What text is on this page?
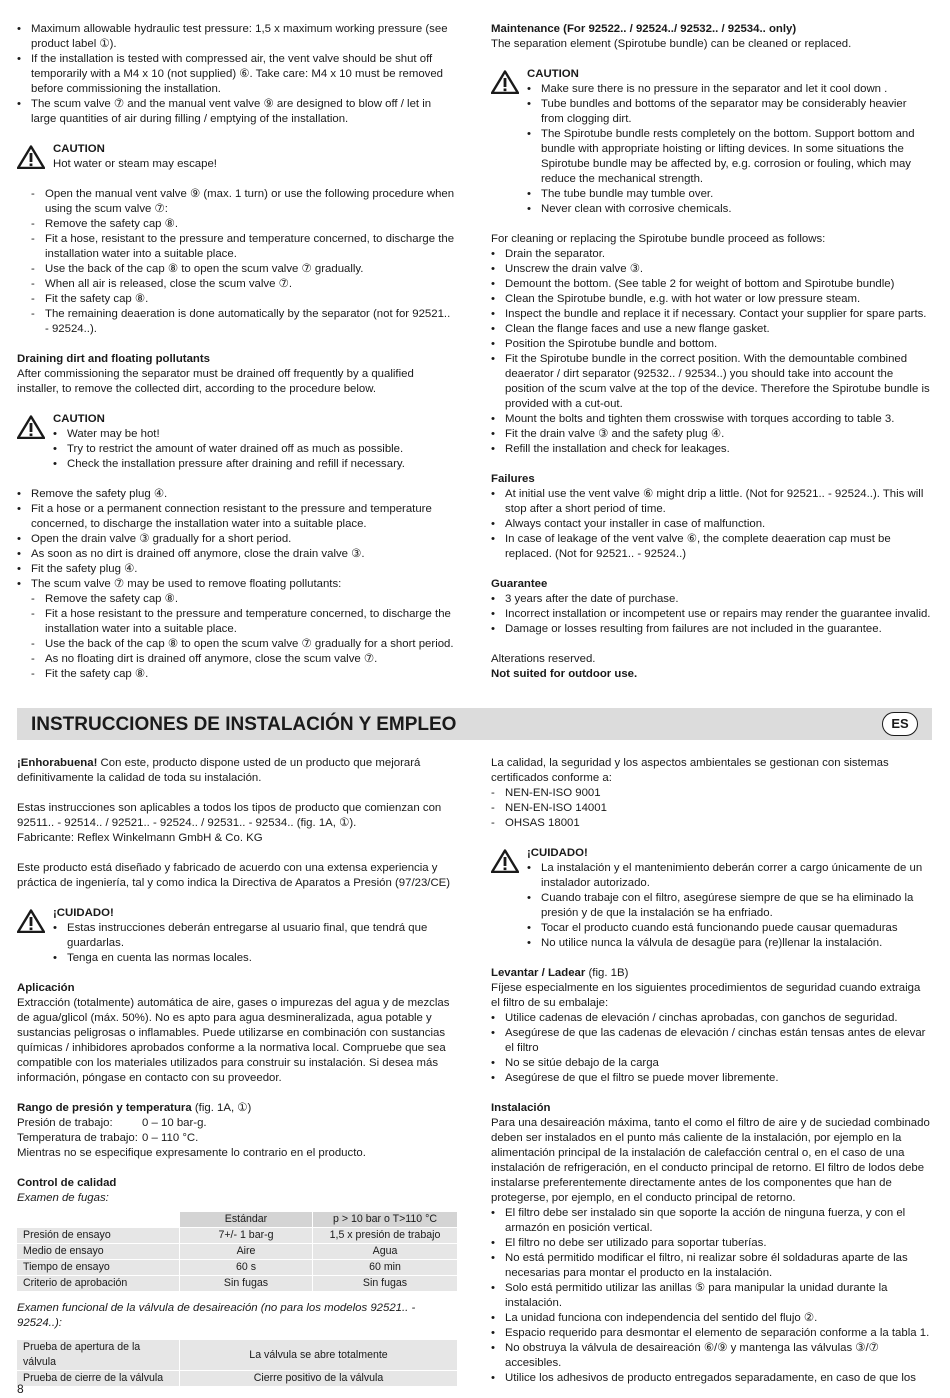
• Maximum allowable hydraulic test pressure: 1,5 x maximum working pressure (see product label ①).
• If the installation is tested with compressed air, the vent valve should be shut off temporarily with a M4 x 10 (not supplied) ⑥. Take care: M4 x 10 must be removed before commissioning the installation.
• The scum valve ⑦ and the manual vent valve ⑨ are designed to blow off / let in large quantities of air during filling / emptying of the installation.

CAUTION

Hot water or steam may escape!

- Open the manual vent valve ⑨ (max. 1 turn) or use the following procedure when using the scum valve ⑦:
- Remove the safety cap ⑧.
- Fit a hose, resistant to the pressure and temperature concerned, to discharge the installation water into a suitable place.
- Use the back of the cap ⑧ to open the scum valve ⑦ gradually.
- When all air is released, close the scum valve ⑦.
- Fit the safety cap ⑧.
- The remaining deaeration is done automatically by the separator (not for 92521.. - 92524..).

Draining dirt and floating pollutants

After commissioning the separator must be drained off frequently by a qualified installer, to remove the collected dirt, according to the procedure below.

CAUTION

• Water may be hot!
• Try to restrict the amount of water drained off as much as possible.
• Check the installation pressure after draining and refill if necessary.
• Remove the safety plug ④.
• Fit a hose or a permanent connection resistant to the pressure and temperature concerned, to discharge the installation water into a suitable place.
• Open the drain valve ③ gradually for a short period.
• As soon as no dirt is drained off anymore, close the drain valve ③.
• Fit the safety plug ④.
• The scum valve ⑦ may be used to remove floating pollutants:
- Remove the safety cap ⑧.
- Fit a hose resistant to the pressure and temperature concerned, to discharge the installation water into a suitable place.
- Use the back of the cap ⑧ to open the scum valve ⑦ gradually for a short period.
- As no floating dirt is drained off anymore, close the scum valve ⑦.
- Fit the safety cap ⑧.

Maintenance (For 92522.. / 92524../ 92532.. / 92534.. only)

The separation element (Spirotube bundle) can be cleaned or replaced.

CAUTION

• Make sure there is no pressure in the separator and let it cool down .
• Tube bundles and bottoms of the separator may be considerably heavier from clogging dirt.
• The Spirotube bundle rests completely on the bottom. Support bottom and bundle with appropriate hoisting or lifting devices. In some situations the Spirotube bundle may be affected by, e.g. corrosion or fouling, which may reduce the mechanical strength.
• The tube bundle may tumble over.
• Never clean with corrosive chemicals.

For cleaning or replacing the Spirotube bundle proceed as follows:

• Drain the separator.
• Unscrew the drain valve ③.
• Demount the bottom. (See table 2 for weight of bottom and Spirotube bundle)
• Clean the Spirotube bundle, e.g. with hot water or low pressure steam.
• Inspect the bundle and replace it if necessary. Contact your supplier for spare parts.
• Clean the flange faces and use a new flange gasket.
• Position the Spirotube bundle and bottom.
• Fit the Spirotube bundle in the correct position. With the demountable combined deaerator / dirt separator (92532.. / 92534..) you should take into account the position of the scum valve at the top of the device. Therefore the Spirotube bundle is provided with a cut-out.
• Mount the bolts and tighten them crosswise with torques according to table 3.
• Fit the drain valve ③ and the safety plug ④.
• Refill the installation and check for leakages.

Failures

• At initial use the vent valve ⑥ might drip a little. (Not for 92521.. - 92524..). This will stop after a short period of time.
• Always contact your installer in case of malfunction.
• In case of leakage of the vent valve ⑥, the complete deaeration cap must be replaced. (Not for 92521.. - 92524..)

Guarantee

• 3 years after the date of purchase.
• Incorrect installation or incompetent use or repairs may render the guarantee invalid.
• Damage or losses resulting from failures are not included in the guarantee.

Alterations reserved.

Not suited for outdoor use.

INSTRUCCIONES DE INSTALACIÓN Y EMPLEO	ES

¡Enhorabuena! Con este, producto dispone usted de un producto que mejorará definitivamente la calidad de toda su instalación.

Estas instrucciones son aplicables a todos los tipos de producto que comienzan con 92511.. - 92514.. / 92521.. - 92524.. / 92531.. - 92534.. (fig. 1A, ①).

Fabricante: Reflex Winkelmann GmbH & Co. KG

Este producto está diseñado y fabricado de acuerdo con una extensa experiencia y práctica de ingeniería, tal y como indica la Directiva de Aparatos a Presión (97/23/CE)

¡CUIDADO!

• Estas instrucciones deberán entregarse al usuario final, que tendrá que guardarlas.
• Tenga en cuenta las normas locales.

Aplicación

Extracción (totalmente) automática de aire, gases o impurezas del agua y de mezclas de agua/glicol (máx. 50%). No es apto para agua desmineralizada, agua potable y sustancias peligrosas o inflamables. Puede utilizarse en combinación con sustancias químicas / inhibidores aprobados conforme a la normativa local. Compruebe que sea compatible con los materiales utilizados para construir su instalación. Si desea más información, póngase en contacto con su proveedor.

Rango de presión y temperatura (fig. 1A, ①)

Presión de trabajo:	0 – 10 bar-g.

Temperatura de trabajo: 0 – 110 °C.

Mientras no se especifique expresamente lo contrario en el producto.

Control de calidad

Examen de fugas:

	Estándar	p > 10 bar o T>110 °C
Presión de ensayo	7+/- 1 bar-g	1,5 x presión de trabajo
Medio de ensayo	Aire	Agua
Tiempo de ensayo	60 s	60 min
Criterio de aprobación	Sin fugas	Sin fugas

Examen funcional de la válvula de desaireación (no para los modelos 92521.. - 92524..):

Prueba de apertura de la válvula	La válvula se abre totalmente
Prueba de cierre de la válvula	Cierre positivo de la válvula

La calidad, la seguridad y los aspectos ambientales se gestionan con sistemas certificados conforme a:

- NEN-EN-ISO 9001
- NEN-EN-ISO 14001
- OHSAS 18001

¡CUIDADO!

• La instalación y el mantenimiento deberán correr a cargo únicamente de un instalador autorizado.
• Cuando trabaje con el filtro, asegúrese siempre de que se ha eliminado la presión y de que la instalación se ha enfriado.
• Tocar el producto cuando está funcionando puede causar quemaduras
• No utilice nunca la válvula de desagüe para (re)llenar la instalación.

Levantar / Ladear (fig. 1B)

Fíjese especialmente en los siguientes procedimientos de seguridad cuando extraiga el filtro de su embalaje:

• Utilice cadenas de elevación / cinchas aprobadas, con ganchos de seguridad.
• Asegúrese de que las cadenas de elevación / cinchas están tensas antes de elevar el filtro
• No se sitúe debajo de la carga
• Asegúrese de que el filtro se puede mover libremente.

Instalación

Para una desaireación máxima, tanto el como el filtro de aire y de suciedad combinado deben ser instalados en el punto más caliente de la instalación, por ejemplo en la alimentación principal de la instalación de calefacción central o, en el caso de una instalación de refrigeración, en el conducto principal de retorno. El filtro de lodos debe instalarse preferentemente directamente antes de los componentes que han de protegerse, por ejemplo, en el conducto principal de retorno.

• El filtro debe ser instalado sin que soporte la acción de ninguna fuerza, y con el armazón en posición vertical.
• El filtro no debe ser utilizado para soportar tuberías.
• No está permitido modificar el filtro, ni realizar sobre él soldaduras aparte de las necesarias para montar el producto en la instalación.
• Solo está permitido utilizar las anillas ⑤ para manipular la unidad durante la instalación.
• La unidad funciona con independencia del sentido del flujo ②.
• Espacio requerido para desmontar el elemento de separación conforme a la tabla 1.
• No obstruya la válvula de desaireación ⑥/⑨ y mantenga las válvulas ③/⑦ accesibles.
• Utilice los adhesivos de producto entregados separadamente, en caso de que los
8
